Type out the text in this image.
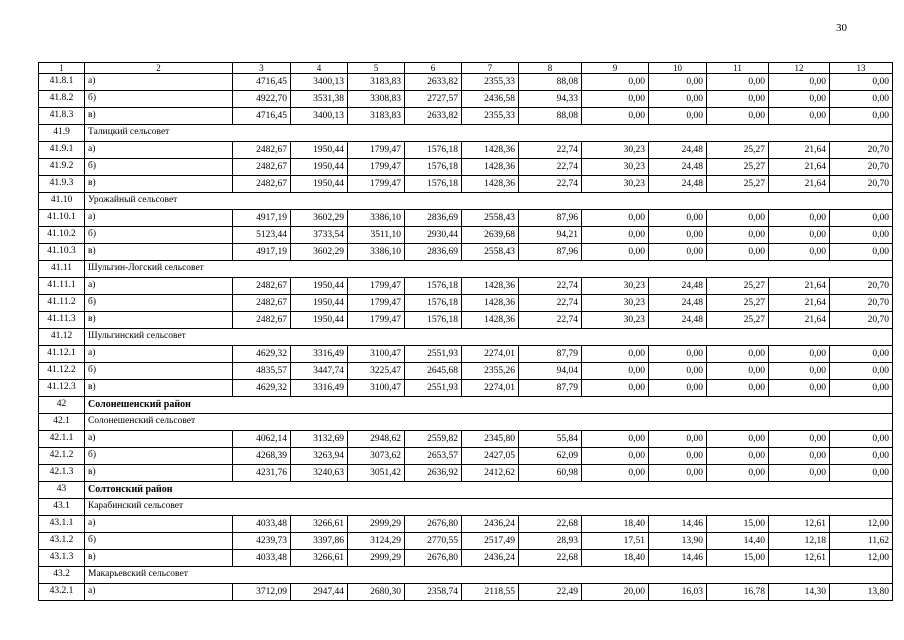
30
1	2	3	4	5	6	7	8	9	10	11	12	13
41.8.1	а)	4716,45	3400,13	3183,83	2633,82	2355,33	88,08	0,00	0,00	0,00	0,00	0,00
41.8.2	б)	4922,70	3531,38	3308,83	2727,57	2436,58	94,33	0,00	0,00	0,00	0,00	0,00
41.8.3	в)	4716,45	3400,13	3183,83	2633,82	2355,33	88,08	0,00	0,00	0,00	0,00	0,00
41.9	Талицкий сельсовет											
41.9.1	а)	2482,67	1950,44	1799,47	1576,18	1428,36	22,74	30,23	24,48	25,27	21,64	20,70
41.9.2	б)	2482,67	1950,44	1799,47	1576,18	1428,36	22,74	30,23	24,48	25,27	21,64	20,70
41.9.3	в)	2482,67	1950,44	1799,47	1576,18	1428,36	22,74	30,23	24,48	25,27	21,64	20,70
41.10	Урожайный сельсовет											
41.10.1	а)	4917,19	3602,29	3386,10	2836,69	2558,43	87,96	0,00	0,00	0,00	0,00	0,00
41.10.2	б)	5123,44	3733,54	3511,10	2930,44	2639,68	94,21	0,00	0,00	0,00	0,00	0,00
41.10.3	в)	4917,19	3602,29	3386,10	2836,69	2558,43	87,96	0,00	0,00	0,00	0,00	0,00
41.11	Шульгин-Логский сельсовет											
41.11.1	а)	2482,67	1950,44	1799,47	1576,18	1428,36	22,74	30,23	24,48	25,27	21,64	20,70
41.11.2	б)	2482,67	1950,44	1799,47	1576,18	1428,36	22,74	30,23	24,48	25,27	21,64	20,70
41.11.3	в)	2482,67	1950,44	1799,47	1576,18	1428,36	22,74	30,23	24,48	25,27	21,64	20,70
41.12	Шульгинский сельсовет											
41.12.1	а)	4629,32	3316,49	3100,47	2551,93	2274,01	87,79	0,00	0,00	0,00	0,00	0,00
41.12.2	б)	4835,57	3447,74	3225,47	2645,68	2355,26	94,04	0,00	0,00	0,00	0,00	0,00
41.12.3	в)	4629,32	3316,49	3100,47	2551,93	2274,01	87,79	0,00	0,00	0,00	0,00	0,00
42	Солонешенский район											
42.1	Солонешенский сельсовет											
42.1.1	а)	4062,14	3132,69	2948,62	2559,82	2345,80	55,84	0,00	0,00	0,00	0,00	0,00
42.1.2	б)	4268,39	3263,94	3073,62	2653,57	2427,05	62,09	0,00	0,00	0,00	0,00	0,00
42.1.3	в)	4231,76	3240,63	3051,42	2636,92	2412,62	60,98	0,00	0,00	0,00	0,00	0,00
43	Солтонский район											
43.1	Карабинский сельсовет											
43.1.1	а)	4033,48	3266,61	2999,29	2676,80	2436,24	22,68	18,40	14,46	15,00	12,61	12,00
43.1.2	б)	4239,73	3397,86	3124,29	2770,55	2517,49	28,93	17,51	13,90	14,40	12,18	11,62
43.1.3	в)	4033,48	3266,61	2999,29	2676,80	2436,24	22,68	18,40	14,46	15,00	12,61	12,00
43.2	Макарьевский сельсовет											
43.2.1	а)	3712,09	2947,44	2680,30	2358,74	2118,55	22,49	20,00	16,03	16,78	14,30	13,80
